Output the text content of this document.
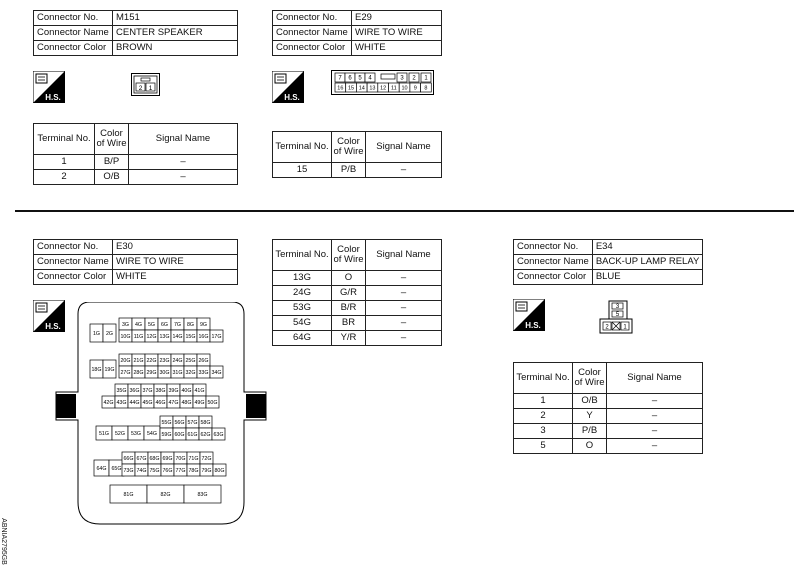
Connector No.	M151
Connector Name	CENTER SPEAKER
Connector Color	BROWN
H.S.
2 1
Terminal No.	Color of Wire	Signal Name
1	B/P	–
2	O/B	–
Connector No.	E29
Connector Name	WIRE TO WIRE
Connector Color	WHITE
H.S.
7 6 5 4	3 2 1
16 15 14 13 12 11 10 9 8
Terminal No.	Color of Wire	Signal Name
15	P/B	–
Connector No.	E30
Connector Name	WIRE TO WIRE
Connector Color	WHITE
H.S.
1G 2G
3G 4G 5G 6G 7G 8G 9G
10G 11G 12G 13G 14G 15G 16G 17G
18G 19G
20G 21G 22G 23G 24G 25G 26G
27G 28G 29G 30G 31G 32G 33G 34G
35G 36G 37G 38G 39G 40G 41G
42G 43G 44G 45G 46G 47G 48G 49G 50G
51G 52G 53G 54G
55G 56G 57G 58G
59G 60G 61G 62G 63G
64G 65G
66G 67G 68G 69G 70G 71G 72G
73G 74G 75G 76G 77G 78G 79G 80G
81G	82G	83G
Terminal No.	Color of Wire	Signal Name
13G	O	–
24G	G/R	–
53G	B/R	–
54G	BR	–
64G	Y/R	–
Connector No.	E34
Connector Name	BACK-UP LAMP RELAY
Connector Color	BLUE
H.S.
3
5
2 1
Terminal No.	Color of Wire	Signal Name
1	O/B	–
2	Y	–
3	P/B	–
5	O	–
ABNIA2795GB
